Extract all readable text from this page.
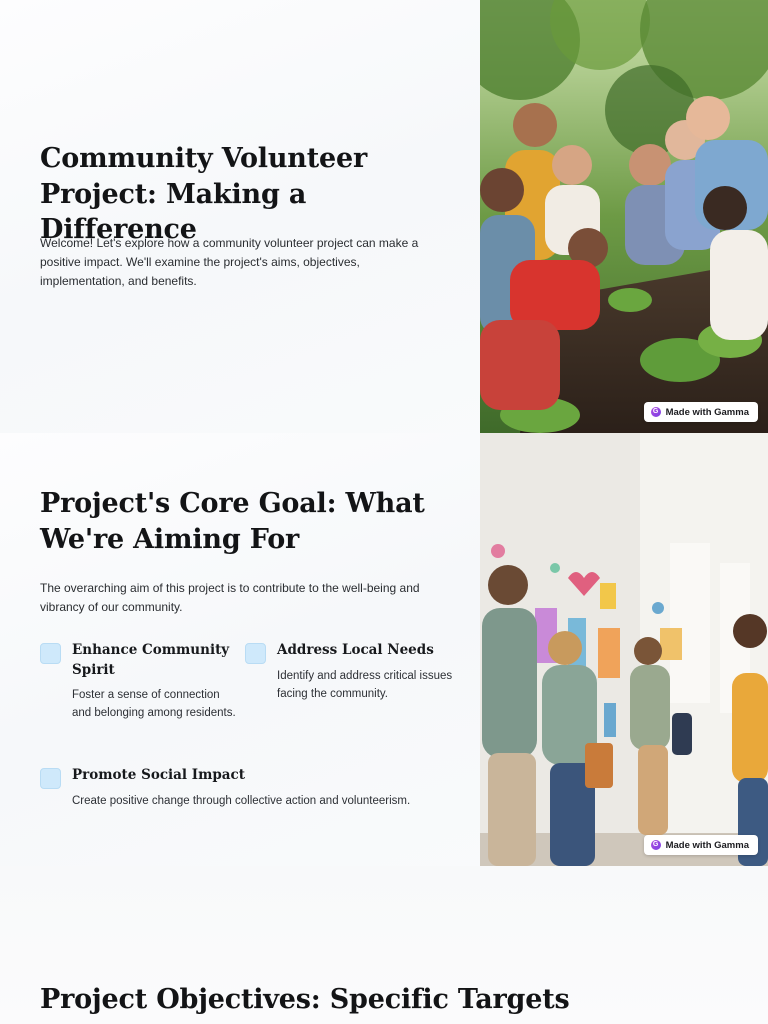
Community Volunteer Project: Making a Difference

Welcome! Let's explore how a community volunteer project can make a positive impact. We'll examine the project's aims, objectives, implementation, and benefits.

G Made with Gamma
Project's Core Goal: What We're Aiming For

The overarching aim of this project is to contribute to the well-being and vibrancy of our community.

Enhance Community Spirit
Foster a sense of connection and belonging among residents.
Address Local Needs
Identify and address critical issues facing the community.
Promote Social Impact
Create positive change through collective action and volunteerism.
G Made with Gamma
Project Objectives: Specific Targets
